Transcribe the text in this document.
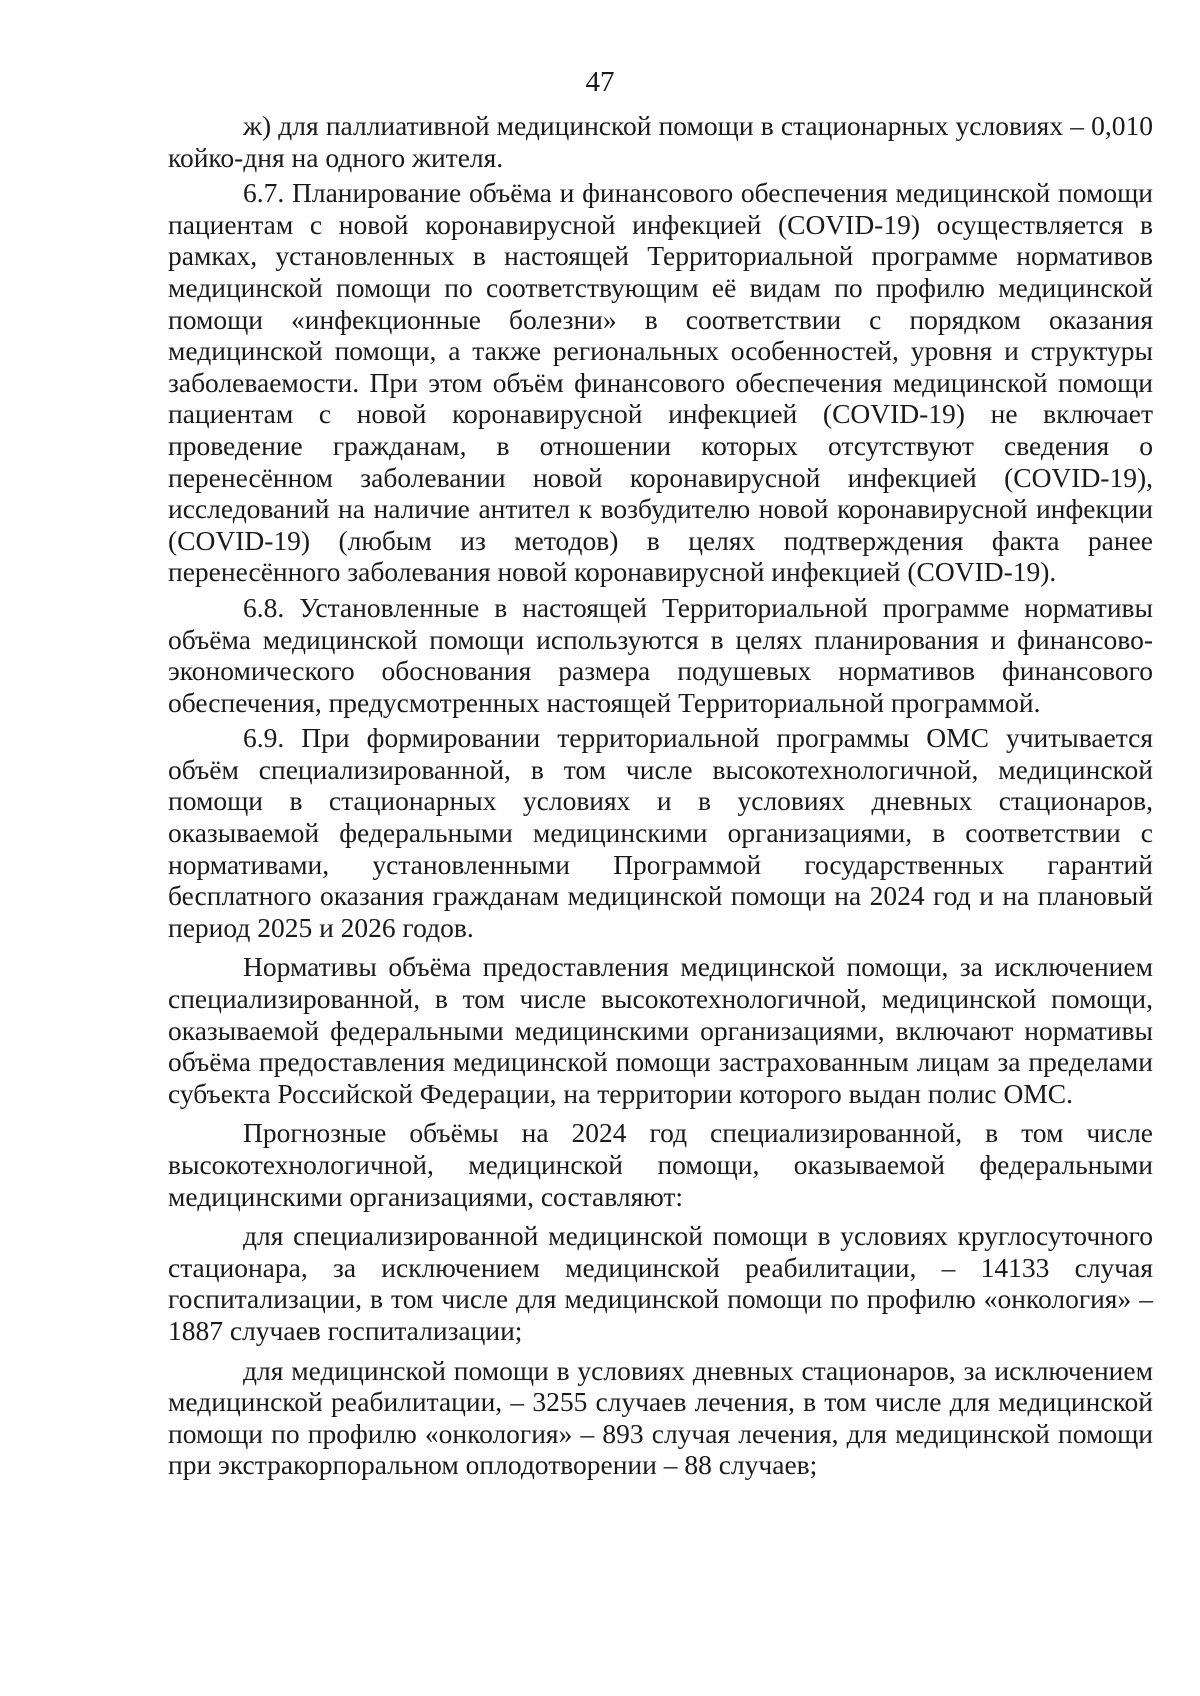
47

ж) для паллиативной медицинской помощи в стационарных условиях – 0,010 койко-дня на одного жителя.

6.7. Планирование объёма и финансового обеспечения медицинской помощи пациентам с новой коронавирусной инфекцией (COVID-19) осуществляется в рамках, установленных в настоящей Территориальной программе нормативов медицинской помощи по соответствующим её видам по профилю медицинской помощи «инфекционные болезни» в соответствии с порядком оказания медицинской помощи, а также региональных особенностей, уровня и структуры заболеваемости. При этом объём финансового обеспечения медицинской помощи пациентам с новой коронавирусной инфекцией (COVID-19) не включает проведение гражданам, в отношении которых отсутствуют сведения о перенесённом заболевании новой коронавирусной инфекцией (COVID-19), исследований на наличие антител к возбудителю новой коронавирусной инфекции (COVID-19) (любым из методов) в целях подтверждения факта ранее перенесённого заболевания новой коронавирусной инфекцией (COVID-19).

6.8. Установленные в настоящей Территориальной программе нормативы объёма медицинской помощи используются в целях планирования и финансово-экономического обоснования размера подушевых нормативов финансового обеспечения, предусмотренных настоящей Территориальной программой.

6.9. При формировании территориальной программы ОМС учитывается объём специализированной, в том числе высокотехнологичной, медицинской помощи в стационарных условиях и в условиях дневных стационаров, оказываемой федеральными медицинскими организациями, в соответствии с нормативами, установленными Программой государственных гарантий бесплатного оказания гражданам медицинской помощи на 2024 год и на плановый период 2025 и 2026 годов.

Нормативы объёма предоставления медицинской помощи, за исключением специализированной, в том числе высокотехнологичной, медицинской помощи, оказываемой федеральными медицинскими организациями, включают нормативы объёма предоставления медицинской помощи застрахованным лицам за пределами субъекта Российской Федерации, на территории которого выдан полис ОМС.

Прогнозные объёмы на 2024 год специализированной, в том числе высокотехнологичной, медицинской помощи, оказываемой федеральными медицинскими организациями, составляют:

для специализированной медицинской помощи в условиях круглосуточного стационара, за исключением медицинской реабилитации, – 14133 случая госпитализации, в том числе для медицинской помощи по профилю «онкология» – 1887 случаев госпитализации;

для медицинской помощи в условиях дневных стационаров, за исключением медицинской реабилитации, – 3255 случаев лечения, в том числе для медицинской помощи по профилю «онкология» – 893 случая лечения, для медицинской помощи при экстракорпоральном оплодотворении – 88 случаев;
